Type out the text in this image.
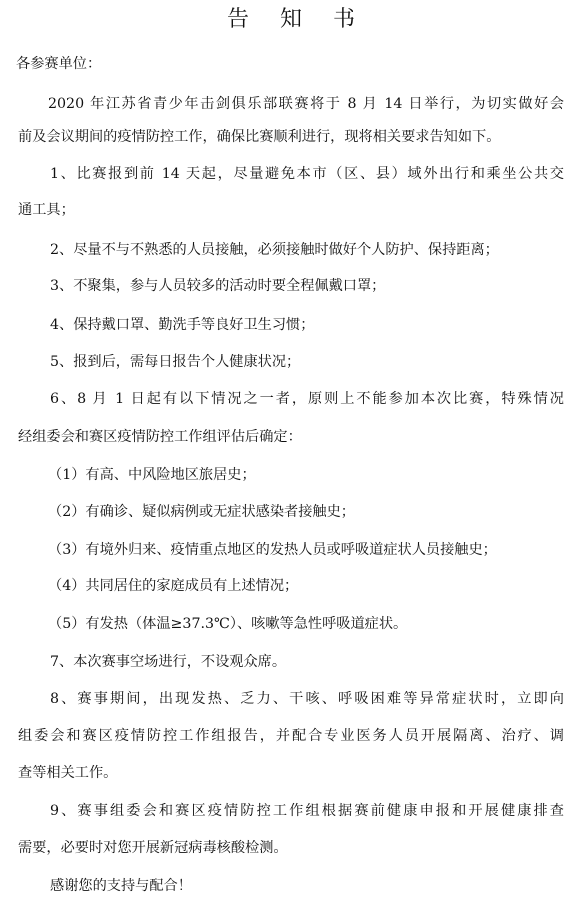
告 知 书
各参赛单位：
2020 年江苏省青少年击剑俱乐部联赛将于 8 月 14 日举行，为切实做好会
前及会议期间的疫情防控工作，确保比赛顺利进行，现将相关要求告知如下。
1、比赛报到前 14 天起，尽量避免本市（区、县）域外出行和乘坐公共交
通工具；
2、尽量不与不熟悉的人员接触，必须接触时做好个人防护、保持距离；
3、不聚集，参与人员较多的活动时要全程佩戴口罩；
4、保持戴口罩、勤洗手等良好卫生习惯；
5、报到后，需每日报告个人健康状况；
6、8 月 1 日起有以下情况之一者，原则上不能参加本次比赛，特殊情况
经组委会和赛区疫情防控工作组评估后确定：
（1）有高、中风险地区旅居史；
（2）有确诊、疑似病例或无症状感染者接触史；
（3）有境外归来、疫情重点地区的发热人员或呼吸道症状人员接触史；
（4）共同居住的家庭成员有上述情况；
（5）有发热（体温≥37.3℃）、咳嗽等急性呼吸道症状。
7、本次赛事空场进行，不设观众席。
8、赛事期间，出现发热、乏力、干咳、呼吸困难等异常症状时，立即向
组委会和赛区疫情防控工作组报告，并配合专业医务人员开展隔离、治疗、调
查等相关工作。
9、赛事组委会和赛区疫情防控工作组根据赛前健康申报和开展健康排查
需要，必要时对您开展新冠病毒核酸检测。
感谢您的支持与配合！
